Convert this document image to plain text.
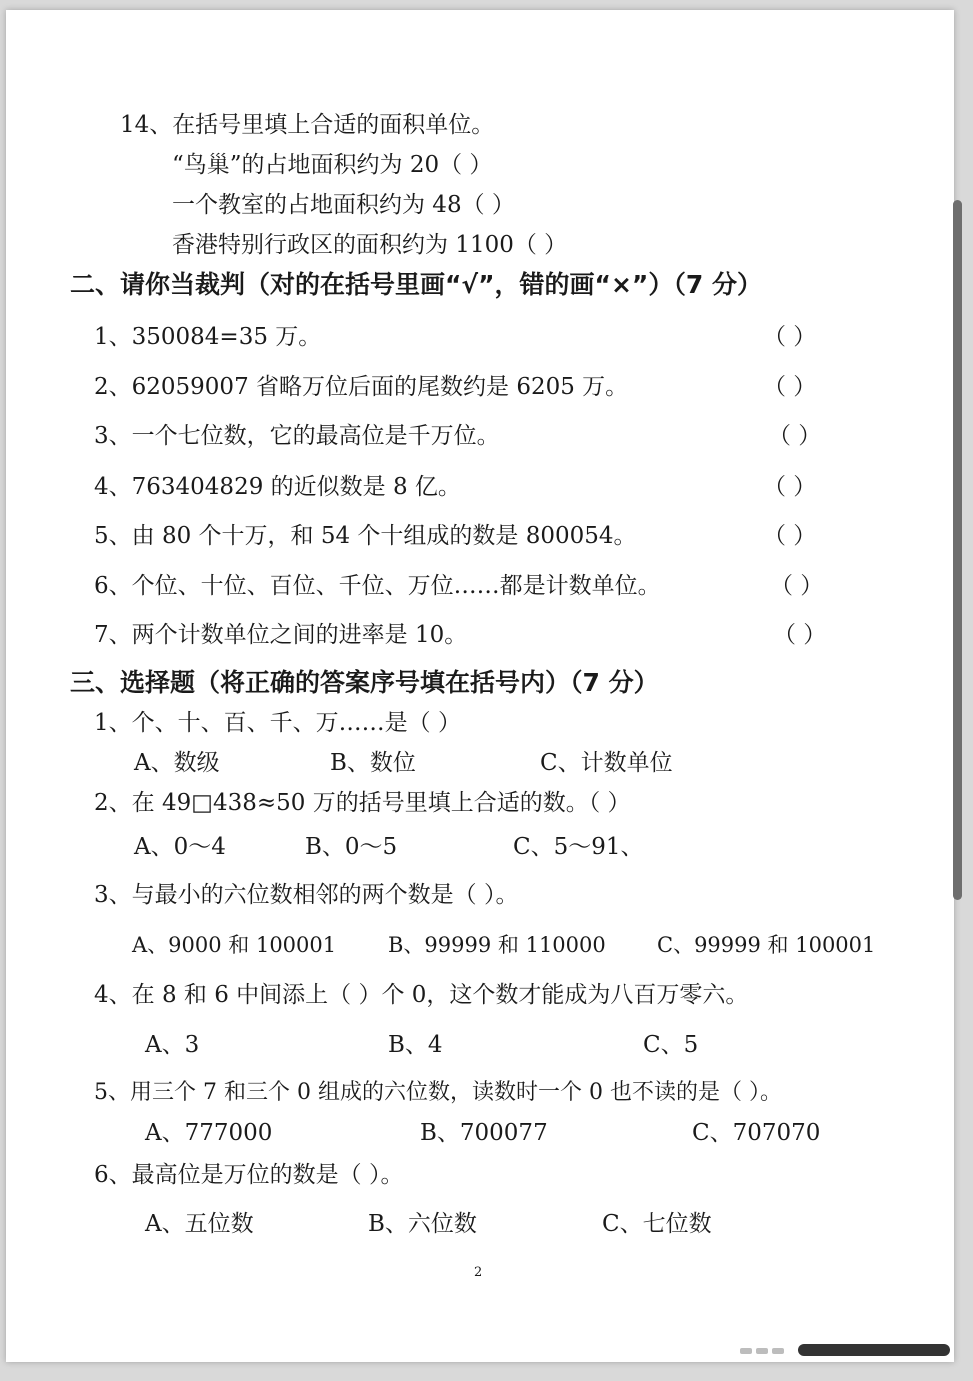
14、在括号里填上合适的面积单位。
“鸟巢”的占地面积约为 20（ ）
一个教室的占地面积约为 48（ ）
香港特别行政区的面积约为 1100（ ）
二、请你当裁判（对的在括号里画“√”，错的画“×”）（7 分）
1、350084=35 万。	（ ）
2、62059007 省略万位后面的尾数约是 6205 万。	（ ）
3、一个七位数，它的最高位是千万位。	（ ）
4、763404829 的近似数是 8 亿。	（ ）
5、由 80 个十万，和 54 个十组成的数是 800054。	（ ）
6、个位、十位、百位、千位、万位……都是计数单位。	（ ）
7、两个计数单位之间的进率是 10。	（ ）
三、选择题（将正确的答案序号填在括号内）（7 分）
1、个、十、百、千、万……是（ ）
A、数级	B、数位	C、计数单位
2、在 49□438≈50 万的括号里填上合适的数。（ ）
A、0～4	B、0～5	C、5～91、
3、与最小的六位数相邻的两个数是（ ）。
A、9000 和 100001 B、99999 和 110000 C、99999 和 100001
4、在 8 和 6 中间添上（ ）个 0，这个数才能成为八百万零六。
A、3	B、4	C、5
5、用三个 7 和三个 0 组成的六位数，读数时一个 0 也不读的是（ ）。
A、777000	B、700077	C、707070
6、最高位是万位的数是（ ）。
A、五位数	B、六位数	C、七位数
2
